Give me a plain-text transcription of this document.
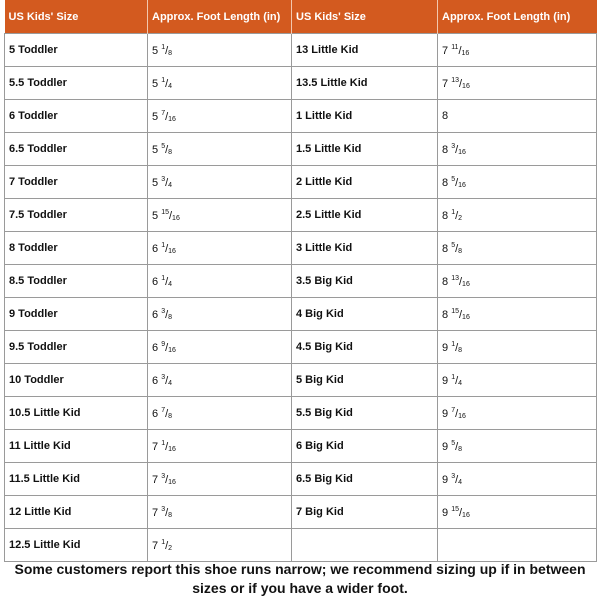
US Kids' Size	Approx. Foot Length (in)	US Kids' Size	Approx. Foot Length (in)
5 Toddler	5 $^1/_8$	13 Little Kid	7 $^{11}/_{16}$
5.5 Toddler	5 $^1/_4$	13.5 Little Kid	7 $^{13}/_{16}$
6 Toddler	5 $^7/_{16}$	1 Little Kid	8
6.5 Toddler	5 $^5/_8$	1.5 Little Kid	8 $^3/_{16}$
7 Toddler	5 $^3/_4$	2 Little Kid	8 $^5/_{16}$
7.5 Toddler	5 $^{15}/_{16}$	2.5 Little Kid	8 $^1/_2$
8 Toddler	6 $^1/_{16}$	3 Little Kid	8 $^5/_8$
8.5 Toddler	6 $^1/_4$	3.5 Big Kid	8 $^{13}/_{16}$
9 Toddler	6 $^3/_8$	4 Big Kid	8 $^{15}/_{16}$
9.5 Toddler	6 $^9/_{16}$	4.5 Big Kid	9 $^1/_8$
10 Toddler	6 $^3/_4$	5 Big Kid	9 $^1/_4$
10.5 Little Kid	6 $^7/_8$	5.5 Big Kid	9 $^7/_{16}$
11 Little Kid	7 $^1/_{16}$	6 Big Kid	9 $^5/_8$
11.5 Little Kid	7 $^3/_{16}$	6.5 Big Kid	9 $^3/_4$
12 Little Kid	7 $^3/_8$	7 Big Kid	9 $^{15}/_{16}$
12.5 Little Kid	7 $^1/_2$		
Some customers report this shoe runs narrow; we recommend sizing up if in between sizes or if you have a wider foot.
